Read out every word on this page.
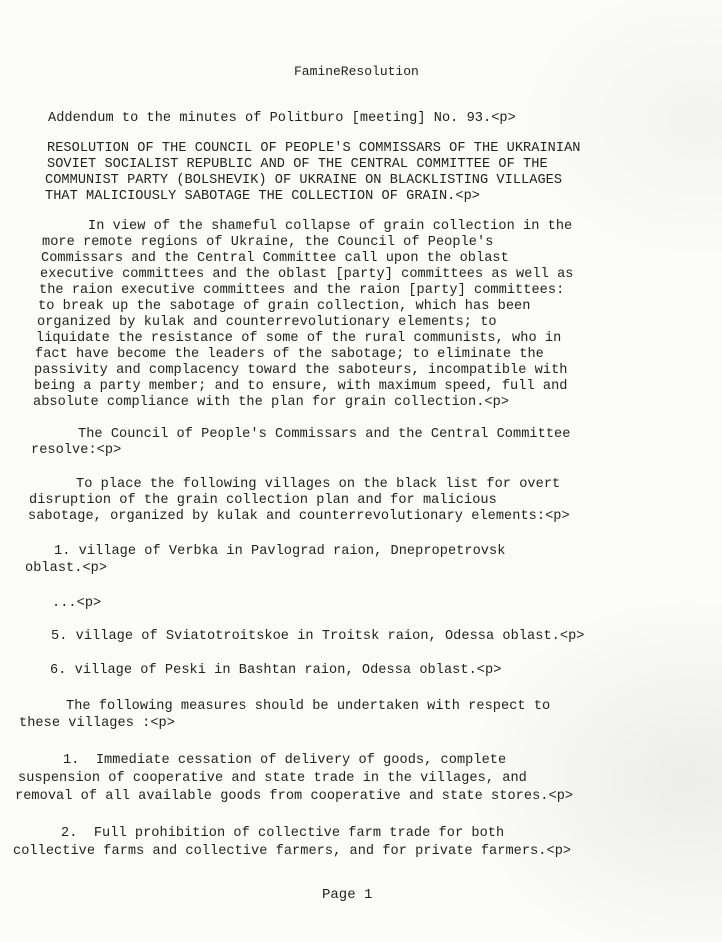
FamineResolution
Addendum to the minutes of Politburo [meeting] No. 93.<p>
RESOLUTION OF THE COUNCIL OF PEOPLE'S COMMISSARS OF THE UKRAINIAN
SOVIET SOCIALIST REPUBLIC AND OF THE CENTRAL COMMITTEE OF THE
COMMUNIST PARTY (BOLSHEVIK) OF UKRAINE ON BLACKLISTING VILLAGES
THAT MALICIOUSLY SABOTAGE THE COLLECTION OF GRAIN.<p>
In view of the shameful collapse of grain collection in the
more remote regions of Ukraine, the Council of People's
Commissars and the Central Committee call upon the oblast
executive committees and the oblast [party] committees as well as
the raion executive committees and the raion [party] committees:
to break up the sabotage of grain collection, which has been
organized by kulak and counterrevolutionary elements; to
liquidate the resistance of some of the rural communists, who in
fact have become the leaders of the sabotage; to eliminate the
passivity and complacency toward the saboteurs, incompatible with
being a party member; and to ensure, with maximum speed, full and
absolute compliance with the plan for grain collection.<p>
The Council of People's Commissars and the Central Committee
resolve:<p>
To place the following villages on the black list for overt
disruption of the grain collection plan and for malicious
sabotage, organized by kulak and counterrevolutionary elements:<p>
1. village of Verbka in Pavlograd raion, Dnepropetrovsk
oblast.<p>
...<p>
5. village of Sviatotroitskoe in Troitsk raion, Odessa oblast.<p>
6. village of Peski in Bashtan raion, Odessa oblast.<p>
The following measures should be undertaken with respect to
these villages :<p>
1.  Immediate cessation of delivery of goods, complete
suspension of cooperative and state trade in the villages, and
removal of all available goods from cooperative and state stores.<p>
2.  Full prohibition of collective farm trade for both
collective farms and collective farmers, and for private farmers.<p>
Page 1
